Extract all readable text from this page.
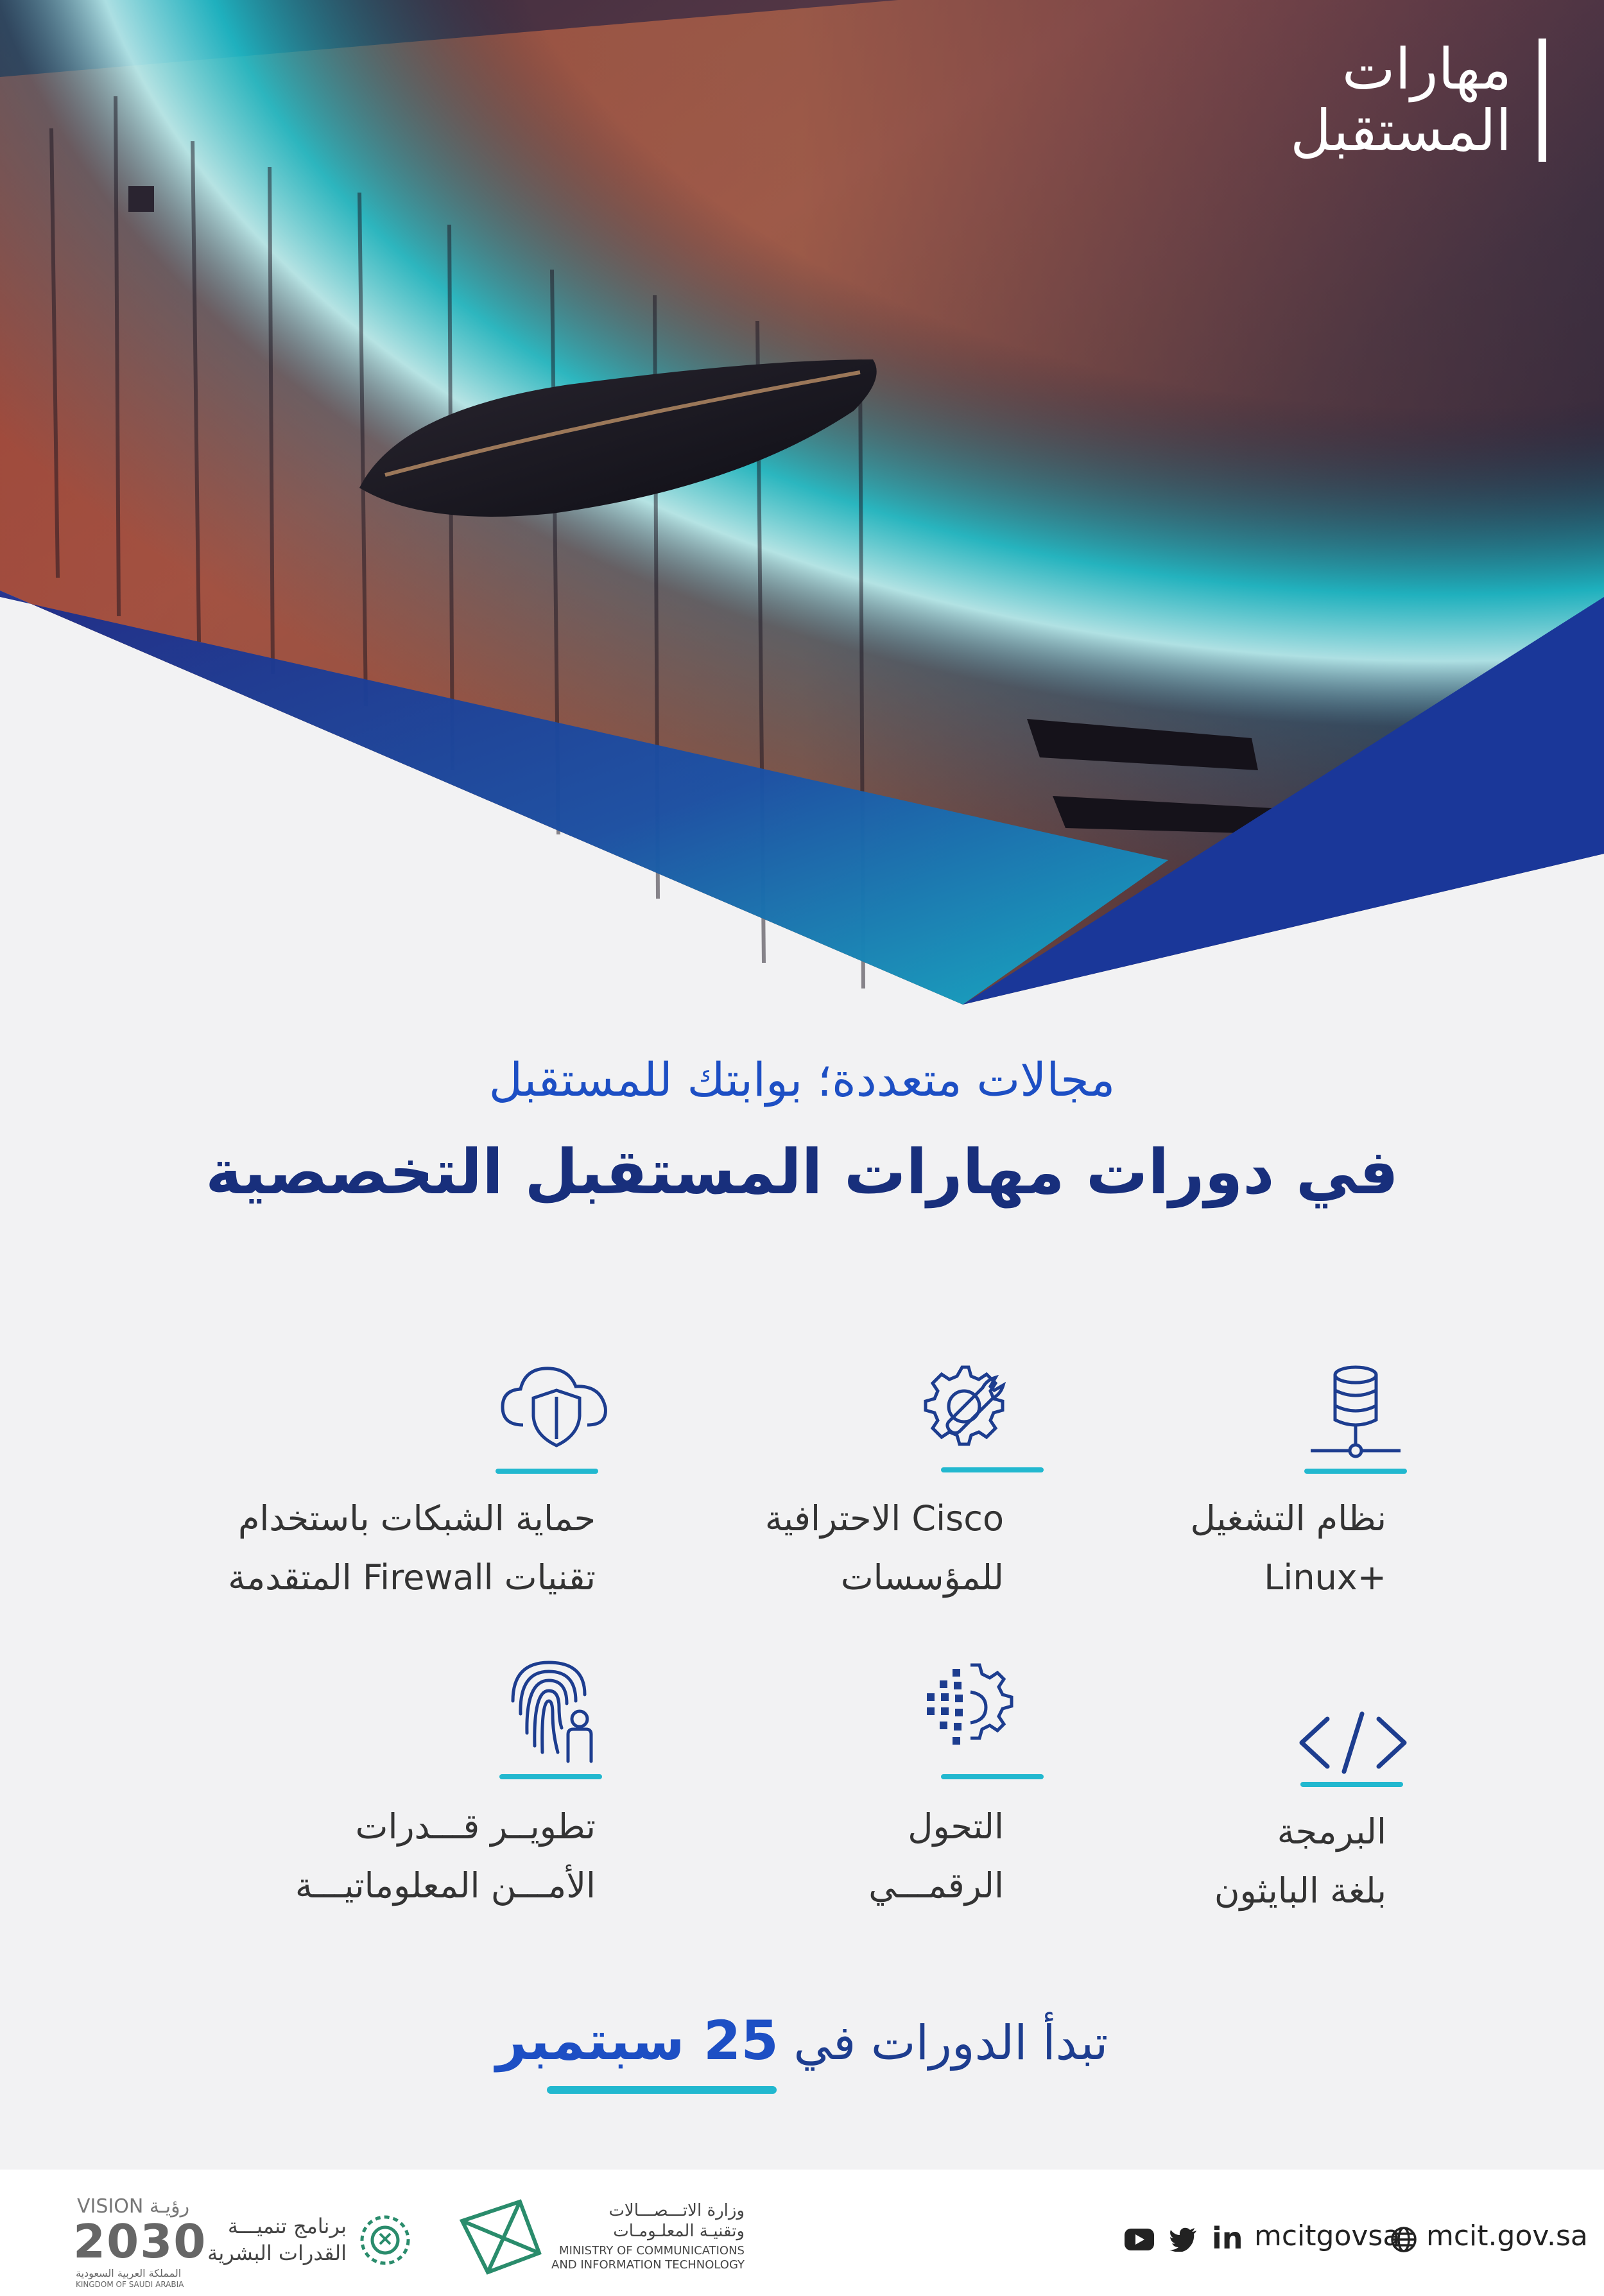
مهارات
المستقبل
مجالات متعددة؛ بوابتك للمستقبل
في دورات مهارات المستقبل التخصصية
نظام التشغيل
+Linux
Cisco الاحترافية
للمؤسسات
حماية الشبكات باستخدام
تقنيات Firewall المتقدمة
البرمجة
بلغة البايثون
التحول
الرقمـــي
تطويــر قـــدرات
الأمـــن المعلوماتيـــة
تبدأ الدورات في 25 سبتمبر
VISION رؤيـة
2030
المملكة العربية السعودية
KINGDOM OF SAUDI ARABIA
برنامج تنميـــة
القدرات البشرية
وزارة الاتـــصـــالات
وتقنيـة المعلـومـات
MINISTRY OF COMMUNICATIONS
AND INFORMATION TECHNOLOGY
in mcitgovsa mcit.gov.sa
